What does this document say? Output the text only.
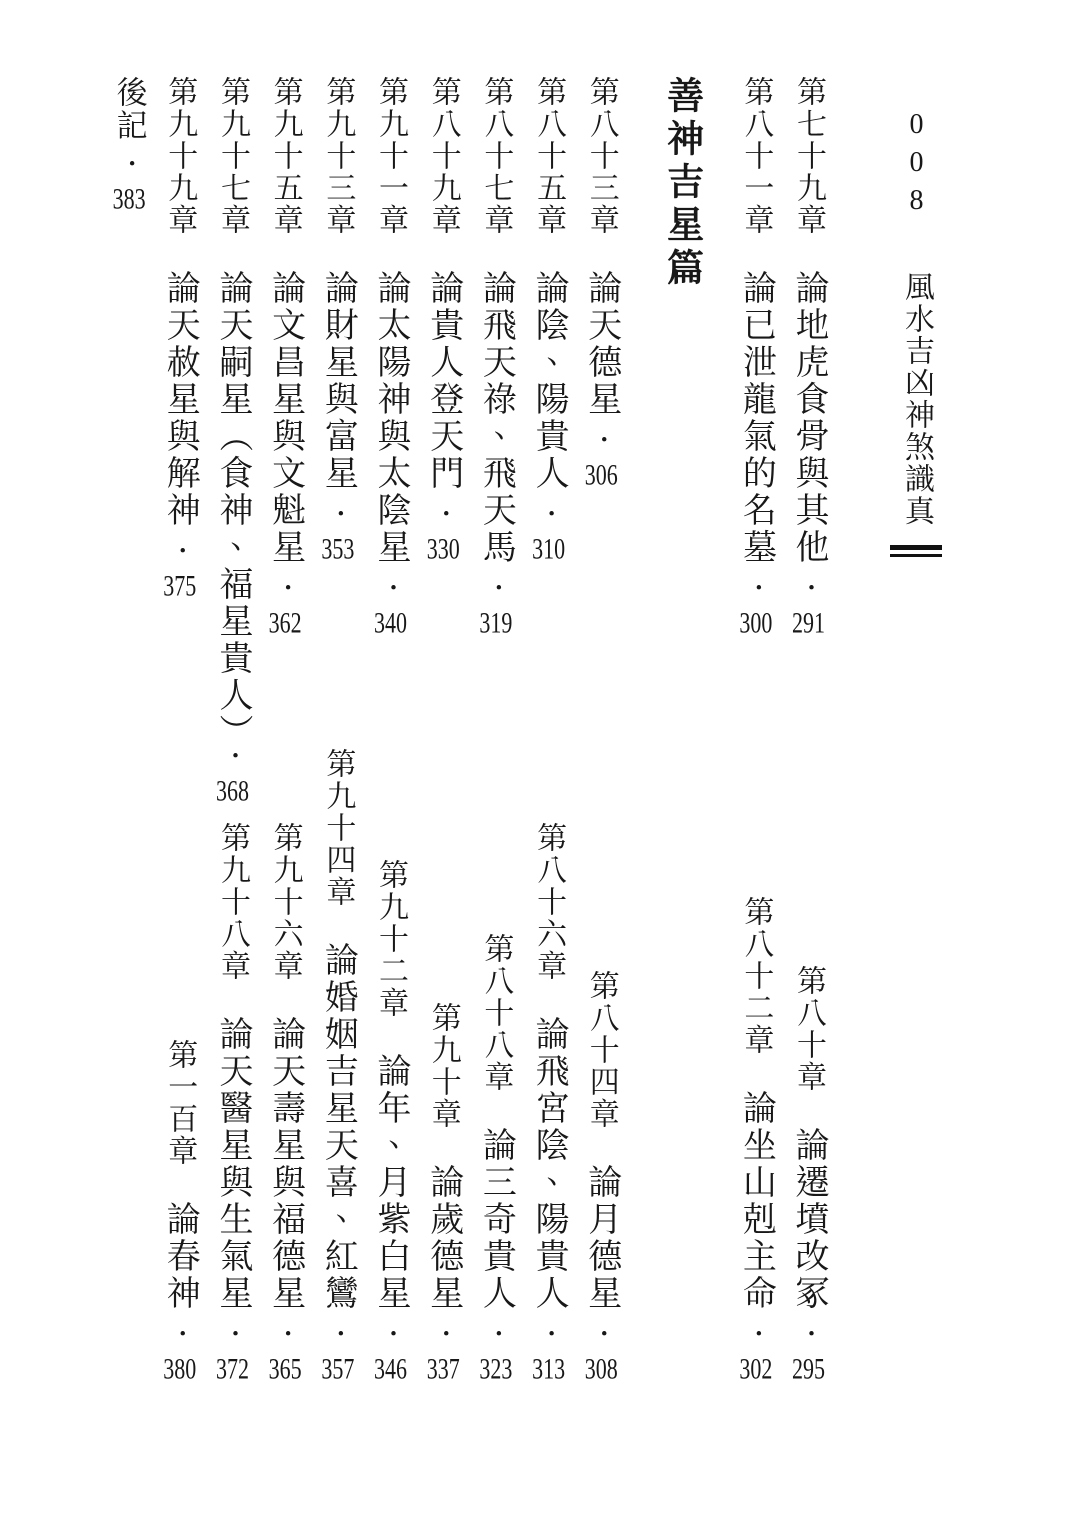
008 風水吉凶神煞識真
第七十九章論地虎食骨與其他・291
第八十章論遷墳改冢・295
第八十一章論已泄龍氣的名墓・300
第八十二章論坐山剋主命・302
善神吉星篇
第八十三章論天德星・306
第八十四章論月德星・308
第八十五章論陰、陽貴人・310
第八十六章論飛宮陰、陽貴人・313
第八十七章論飛天祿、飛天馬・319
第八十八章論三奇貴人・323
第八十九章論貴人登天門・330
第九十章論歲德星・337
第九十一章論太陽神與太陰星・340
第九十二章論年、月紫白星・346
第九十三章論財星與富星・353
第九十四章論婚姻吉星天喜、紅鸞・357
第九十五章論文昌星與文魁星・362
第九十六章論天壽星與福德星・365
第九十七章論天嗣星（食神、福星貴人）・368
第九十八章論天醫星與生氣星・372
第九十九章論天赦星與解神・375
第一百章論春神・380
後記・383
